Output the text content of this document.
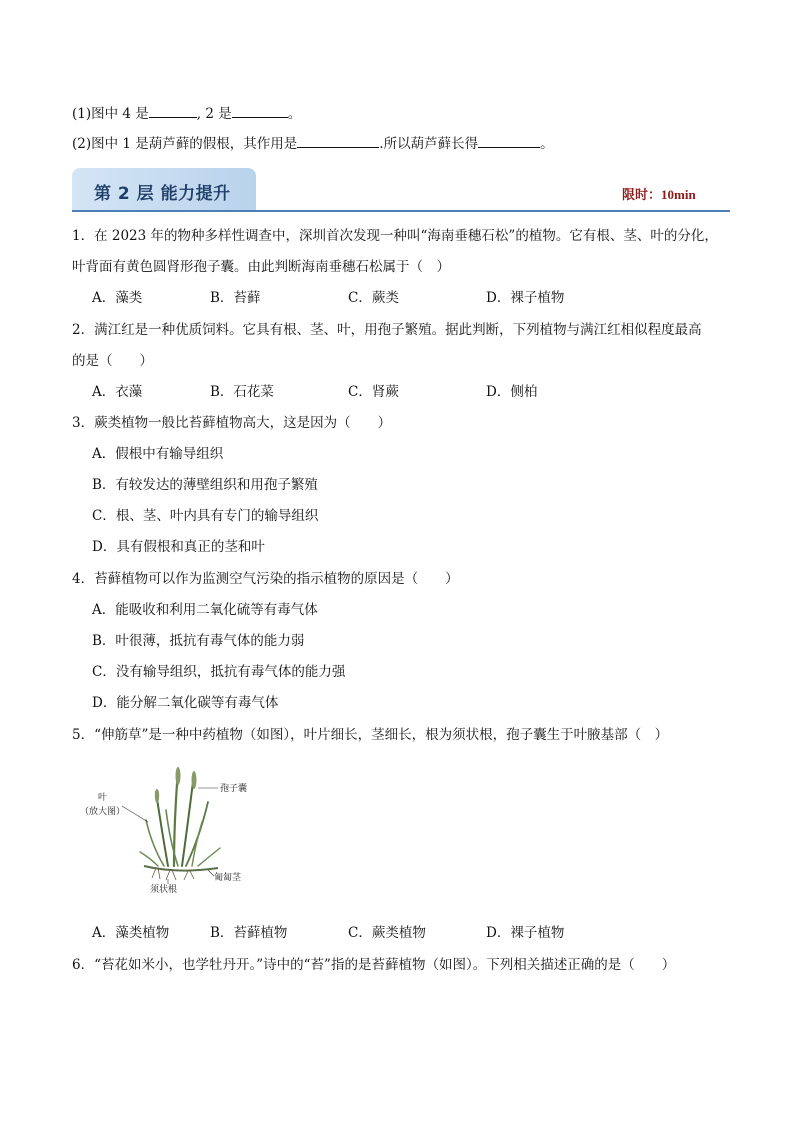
(1)图中 4 是	, 2 是	。
(2)图中 1 是葫芦藓的假根，其作用是	.所以葫芦藓长得	。
第 2 层 能力提升	限时：10min
1．在 2023 年的物种多样性调查中，深圳首次发现一种叫“海南垂穗石松”的植物。它有根、茎、叶的分化，
叶背面有黄色圆肾形孢子囊。由此判断海南垂穗石松属于（　）
A．藻类	B．苔藓	C．蕨类	D．裸子植物
2．满江红是一种优质饲料。它具有根、茎、叶，用孢子繁殖。据此判断，下列植物与满江红相似程度最高
的是（　　）
A．衣藻	B．石花菜	C．肾蕨	D．侧柏
3．蕨类植物一般比苔藓植物高大，这是因为（　　）
A．假根中有输导组织
B．有较发达的薄壁组织和用孢子繁殖
C．根、茎、叶内具有专门的输导组织
D．具有假根和真正的茎和叶
4．苔藓植物可以作为监测空气污染的指示植物的原因是（　　）
A．能吸收和利用二氧化硫等有毒气体
B．叶很薄，抵抗有毒气体的能力弱
C．没有输导组织，抵抗有毒气体的能力强
D．能分解二氧化碳等有毒气体
5．“伸筋草”是一种中药植物（如图），叶片细长，茎细长，根为须状根，孢子囊生于叶腋基部（　）
叶
（放大图）
孢子囊
匍匐茎
须状根
A．藻类植物	B．苔藓植物	C．蕨类植物	D．裸子植物
6．“苔花如米小，也学牡丹开。”诗中的“苔”指的是苔藓植物（如图）。下列相关描述正确的是（　　）
